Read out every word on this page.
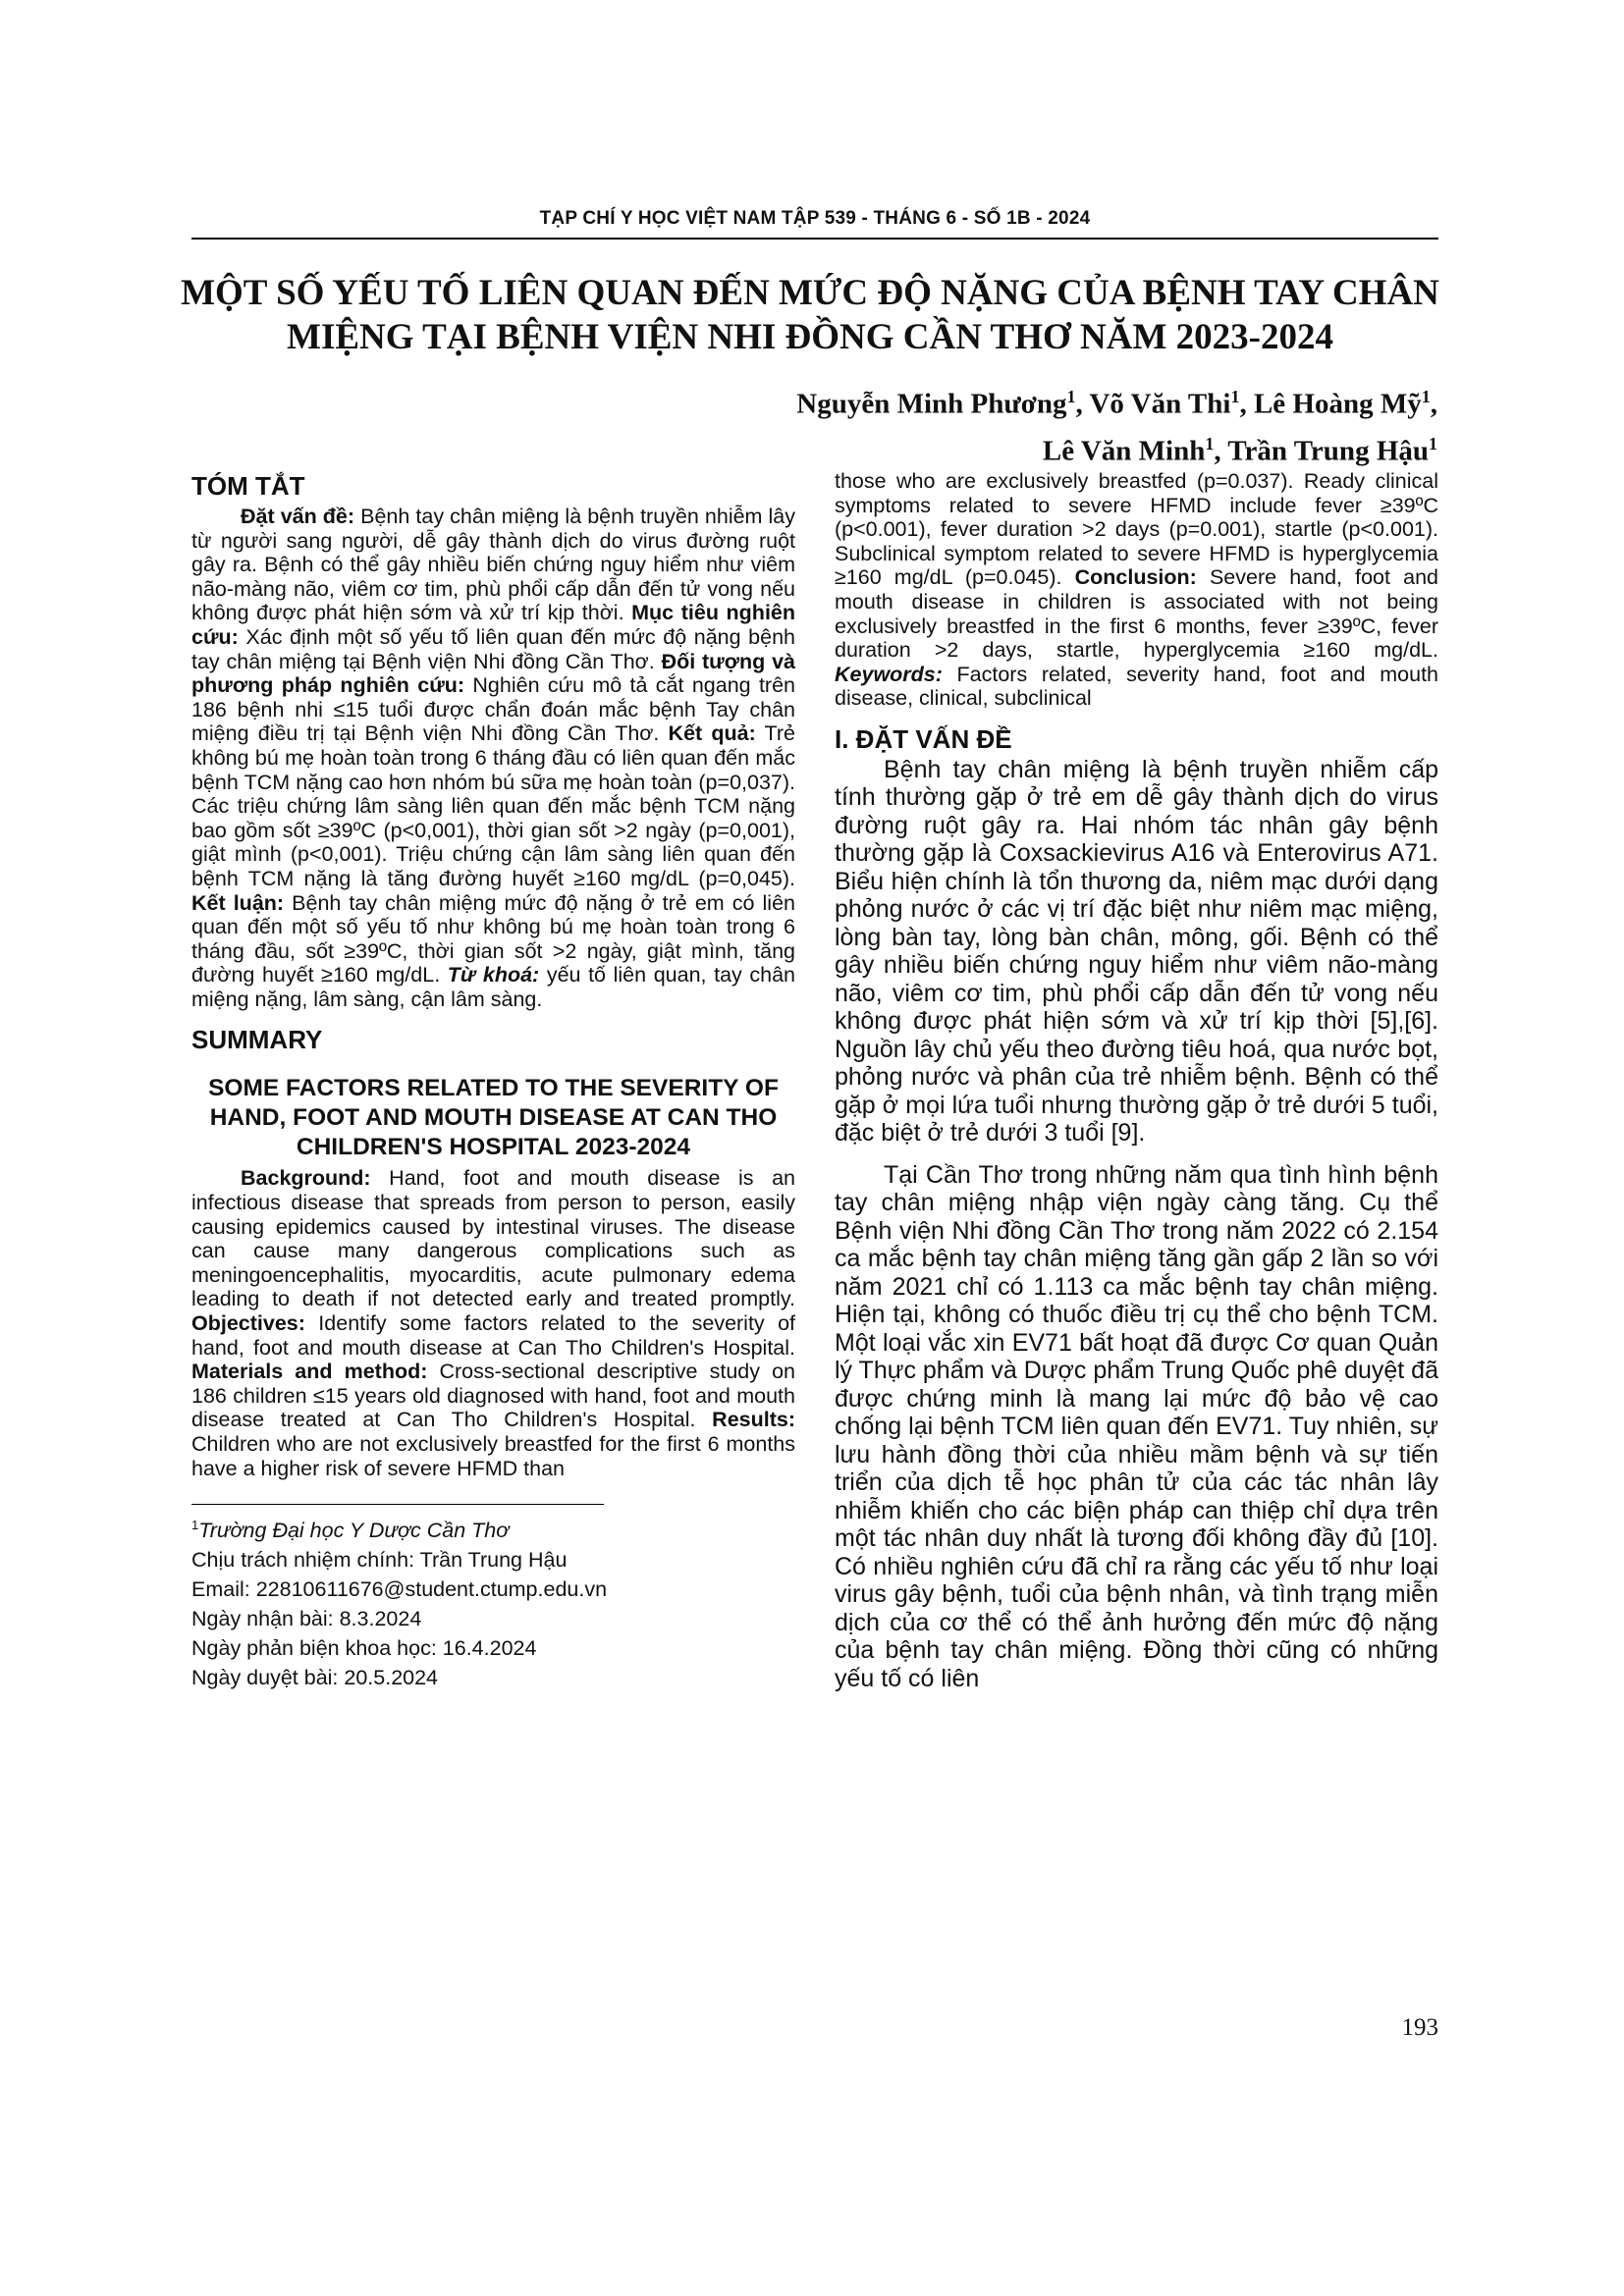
TẠP CHÍ Y HỌC VIỆT NAM TẬP 539 - THÁNG 6 - SỐ 1B - 2024
MỘT SỐ YẾU TỐ LIÊN QUAN ĐẾN MỨC ĐỘ NẶNG CỦA BỆNH TAY CHÂN MIỆNG TẠI BỆNH VIỆN NHI ĐỒNG CẦN THƠ NĂM 2023-2024
Nguyễn Minh Phương$^1$, Võ Văn Thi$^1$, Lê Hoàng Mỹ$^1$,
Lê Văn Minh$^1$, Trần Trung Hậu$^1$
TÓM TẮT

Đặt vấn đề: Bệnh tay chân miệng là bệnh truyền nhiễm lây từ người sang người, dễ gây thành dịch do virus đường ruột gây ra. Bệnh có thể gây nhiều biến chứng nguy hiểm như viêm não-màng não, viêm cơ tim, phù phổi cấp dẫn đến tử vong nếu không được phát hiện sớm và xử trí kịp thời. Mục tiêu nghiên cứu: Xác định một số yếu tố liên quan đến mức độ nặng bệnh tay chân miệng tại Bệnh viện Nhi đồng Cần Thơ. Đối tượng và phương pháp nghiên cứu: Nghiên cứu mô tả cắt ngang trên 186 bệnh nhi ≤15 tuổi được chẩn đoán mắc bệnh Tay chân miệng điều trị tại Bệnh viện Nhi đồng Cần Thơ. Kết quả: Trẻ không bú mẹ hoàn toàn trong 6 tháng đầu có liên quan đến mắc bệnh TCM nặng cao hơn nhóm bú sữa mẹ hoàn toàn (p=0,037). Các triệu chứng lâm sàng liên quan đến mắc bệnh TCM nặng bao gồm sốt ≥39ºC (p<0,001), thời gian sốt >2 ngày (p=0,001), giật mình (p<0,001). Triệu chứng cận lâm sàng liên quan đến bệnh TCM nặng là tăng đường huyết ≥160 mg/dL (p=0,045). Kết luận: Bệnh tay chân miệng mức độ nặng ở trẻ em có liên quan đến một số yếu tố như không bú mẹ hoàn toàn trong 6 tháng đầu, sốt ≥39ºC, thời gian sốt >2 ngày, giật mình, tăng đường huyết ≥160 mg/dL. Từ khoá: yếu tố liên quan, tay chân miệng nặng, lâm sàng, cận lâm sàng.

SUMMARY
SOME FACTORS RELATED TO THE SEVERITY OF HAND, FOOT AND MOUTH DISEASE AT CAN THO CHILDREN'S HOSPITAL 2023-2024

Background: Hand, foot and mouth disease is an infectious disease that spreads from person to person, easily causing epidemics caused by intestinal viruses. The disease can cause many dangerous complications such as meningoencephalitis, myocarditis, acute pulmonary edema leading to death if not detected early and treated promptly. Objectives: Identify some factors related to the severity of hand, foot and mouth disease at Can Tho Children's Hospital. Materials and method: Cross-sectional descriptive study on 186 children ≤15 years old diagnosed with hand, foot and mouth disease treated at Can Tho Children's Hospital. Results: Children who are not exclusively breastfed for the first 6 months have a higher risk of severe HFMD than

$^1$Trường Đại học Y Dược Cần Thơ

Chịu trách nhiệm chính: Trần Trung Hậu

Email: 22810611676@student.ctump.edu.vn

Ngày nhận bài: 8.3.2024

Ngày phản biện khoa học: 16.4.2024

Ngày duyệt bài: 20.5.2024

those who are exclusively breastfed (p=0.037). Ready clinical symptoms related to severe HFMD include fever ≥39ºC (p<0.001), fever duration >2 days (p=0.001), startle (p<0.001). Subclinical symptom related to severe HFMD is hyperglycemia ≥160 mg/dL (p=0.045). Conclusion: Severe hand, foot and mouth disease in children is associated with not being exclusively breastfed in the first 6 months, fever ≥39ºC, fever duration >2 days, startle, hyperglycemia ≥160 mg/dL. Keywords: Factors related, severity hand, foot and mouth disease, clinical, subclinical

I. ĐẶT VẤN ĐỀ

Bệnh tay chân miệng là bệnh truyền nhiễm cấp tính thường gặp ở trẻ em dễ gây thành dịch do virus đường ruột gây ra. Hai nhóm tác nhân gây bệnh thường gặp là Coxsackievirus A16 và Enterovirus A71. Biểu hiện chính là tổn thương da, niêm mạc dưới dạng phỏng nước ở các vị trí đặc biệt như niêm mạc miệng, lòng bàn tay, lòng bàn chân, mông, gối. Bệnh có thể gây nhiều biến chứng nguy hiểm như viêm não-màng não, viêm cơ tim, phù phổi cấp dẫn đến tử vong nếu không được phát hiện sớm và xử trí kịp thời [5],[6]. Nguồn lây chủ yếu theo đường tiêu hoá, qua nước bọt, phỏng nước và phân của trẻ nhiễm bệnh. Bệnh có thể gặp ở mọi lứa tuổi nhưng thường gặp ở trẻ dưới 5 tuổi, đặc biệt ở trẻ dưới 3 tuổi [9].

Tại Cần Thơ trong những năm qua tình hình bệnh tay chân miệng nhập viện ngày càng tăng. Cụ thể Bệnh viện Nhi đồng Cần Thơ trong năm 2022 có 2.154 ca mắc bệnh tay chân miệng tăng gần gấp 2 lần so với năm 2021 chỉ có 1.113 ca mắc bệnh tay chân miệng. Hiện tại, không có thuốc điều trị cụ thể cho bệnh TCM. Một loại vắc xin EV71 bất hoạt đã được Cơ quan Quản lý Thực phẩm và Dược phẩm Trung Quốc phê duyệt đã được chứng minh là mang lại mức độ bảo vệ cao chống lại bệnh TCM liên quan đến EV71. Tuy nhiên, sự lưu hành đồng thời của nhiều mầm bệnh và sự tiến triển của dịch tễ học phân tử của các tác nhân lây nhiễm khiến cho các biện pháp can thiệp chỉ dựa trên một tác nhân duy nhất là tương đối không đầy đủ [10]. Có nhiều nghiên cứu đã chỉ ra rằng các yếu tố như loại virus gây bệnh, tuổi của bệnh nhân, và tình trạng miễn dịch của cơ thể có thể ảnh hưởng đến mức độ nặng của bệnh tay chân miệng. Đồng thời cũng có những yếu tố có liên

193
